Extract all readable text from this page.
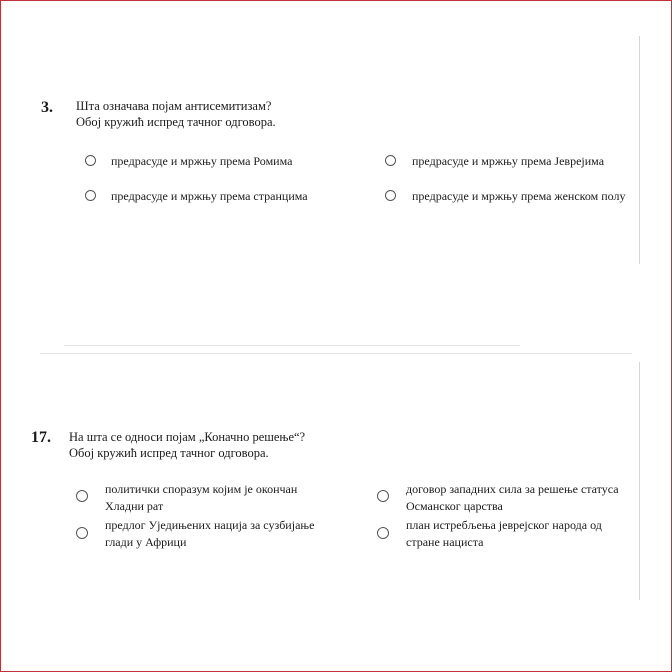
3. Шта означава појам антисемитизам?
Обој кружић испред тачног одговора.
предрасуде и мржњу према Ромима	предрасуде и мржњу према Јеврејима
предрасуде и мржњу према странцима	предрасуде и мржњу према женском полу
17. На шта се односи појам „Коначно решење“?
Обој кружић испред тачног одговора.
политички споразум којим је окончан
Хладни рат
договор западних сила за решење статуса
Османског царства
предлог Уједињених нација за сузбијање
глади у Африци
план истребљења јеврејског народа од
стране нациста
